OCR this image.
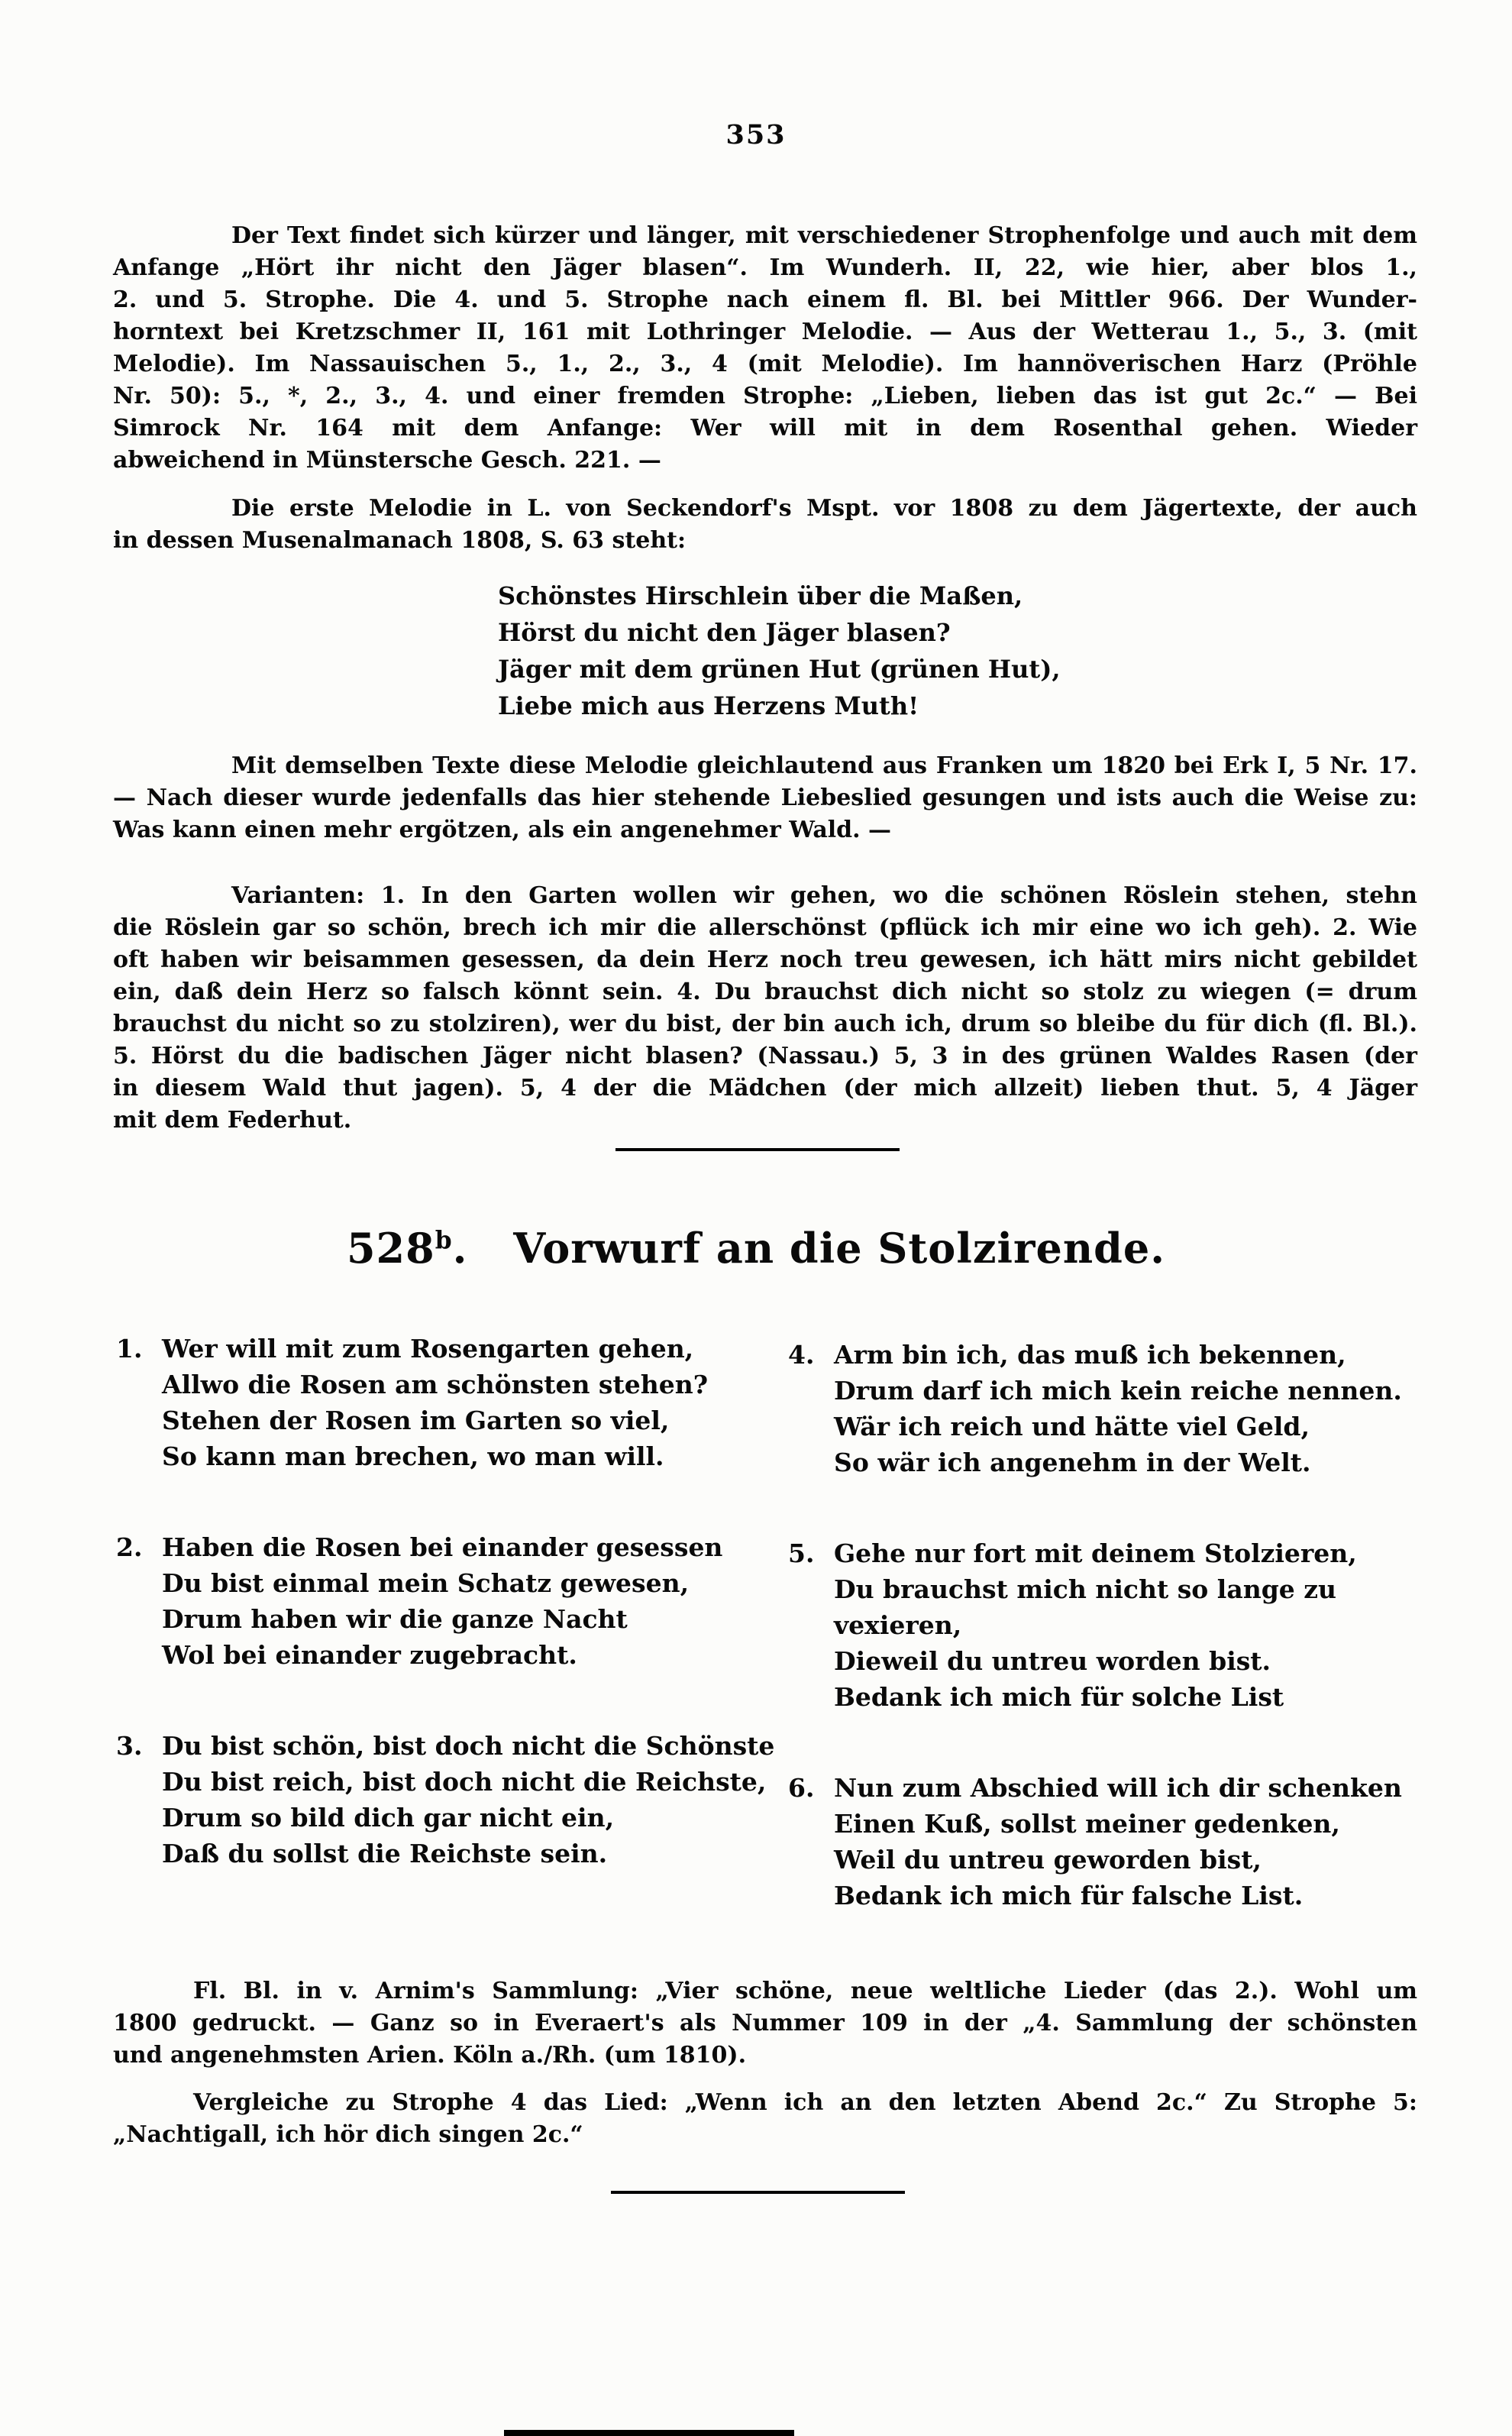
353
Der Text findet sich kürzer und länger, mit verschiedener Strophenfolge und auch mit dem
Anfange „Hört ihr nicht den Jäger blasen“. Im Wunderh. II, 22, wie hier, aber blos 1.,
2. und 5. Strophe. Die 4. und 5. Strophe nach einem fl. Bl. bei Mittler 966. Der Wunder-
horntext bei Kretzschmer II, 161 mit Lothringer Melodie. — Aus der Wetterau 1., 5., 3. (mit
Melodie). Im Nassauischen 5., 1., 2., 3., 4 (mit Melodie). Im hannöverischen Harz (Pröhle
Nr. 50): 5., *, 2., 3., 4. und einer fremden Strophe: „Lieben, lieben das ist gut 2c.“ — Bei
Simrock Nr. 164 mit dem Anfange: Wer will mit in dem Rosenthal gehen. Wieder
abweichend in Münstersche Gesch. 221. —
Die erste Melodie in L. von Seckendorf's Mspt. vor 1808 zu dem Jägertexte, der auch
in dessen Musenalmanach 1808, S. 63 steht:
Schönstes Hirschlein über die Maßen,
Hörst du nicht den Jäger blasen?
Jäger mit dem grünen Hut (grünen Hut),
Liebe mich aus Herzens Muth!
Mit demselben Texte diese Melodie gleichlautend aus Franken um 1820 bei Erk I, 5 Nr. 17.
— Nach dieser wurde jedenfalls das hier stehende Liebeslied gesungen und ists auch die Weise zu:
Was kann einen mehr ergötzen, als ein angenehmer Wald. —
Varianten: 1. In den Garten wollen wir gehen, wo die schönen Röslein stehen, stehn
die Röslein gar so schön, brech ich mir die allerschönst (pflück ich mir eine wo ich geh). 2. Wie
oft haben wir beisammen gesessen, da dein Herz noch treu gewesen, ich hätt mirs nicht gebildet
ein, daß dein Herz so falsch könnt sein. 4. Du brauchst dich nicht so stolz zu wiegen (= drum
brauchst du nicht so zu stolziren), wer du bist, der bin auch ich, drum so bleibe du für dich (fl. Bl.).
5. Hörst du die badischen Jäger nicht blasen? (Nassau.) 5, 3 in des grünen Waldes Rasen (der
in diesem Wald thut jagen). 5, 4 der die Mädchen (der mich allzeit) lieben thut. 5, 4 Jäger
mit dem Federhut.
528$^b$. Vorwurf an die Stolzirende.
1. Wer will mit zum Rosengarten gehen,
Allwo die Rosen am schönsten stehen?
Stehen der Rosen im Garten so viel,
So kann man brechen, wo man will.
2. Haben die Rosen bei einander gesessen
Du bist einmal mein Schatz gewesen,
Drum haben wir die ganze Nacht
Wol bei einander zugebracht.
3. Du bist schön, bist doch nicht die Schönste
Du bist reich, bist doch nicht die Reichste,
Drum so bild dich gar nicht ein,
Daß du sollst die Reichste sein.
4. Arm bin ich, das muß ich bekennen,
Drum darf ich mich kein reiche nennen.
Wär ich reich und hätte viel Geld,
So wär ich angenehm in der Welt.
5. Gehe nur fort mit deinem Stolzieren,
Du brauchst mich nicht so lange zu vexieren,
Dieweil du untreu worden bist.
Bedank ich mich für solche List
6. Nun zum Abschied will ich dir schenken
Einen Kuß, sollst meiner gedenken,
Weil du untreu geworden bist,
Bedank ich mich für falsche List.
Fl. Bl. in v. Arnim's Sammlung: „Vier schöne, neue weltliche Lieder (das 2.). Wohl um
1800 gedruckt. — Ganz so in Everaert's als Nummer 109 in der „4. Sammlung der schönsten
und angenehmsten Arien. Köln a./Rh. (um 1810).
Vergleiche zu Strophe 4 das Lied: „Wenn ich an den letzten Abend 2c.“ Zu Strophe 5:
„Nachtigall, ich hör dich singen 2c.“
